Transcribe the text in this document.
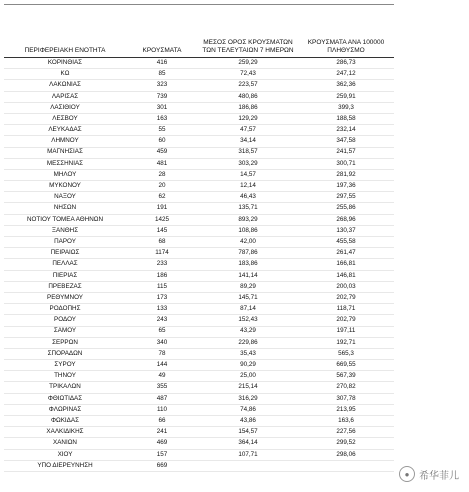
ΠΕΡΙΦΕΡΕΙΑΚΗ ΕΝΟΤΗΤΑ	ΚΡΟΥΣΜΑΤΑ	ΜΕΣΟΣ ΟΡΟΣ ΚΡΟΥΣΜΑΤΩΝ ΤΩΝ ΤΕΛΕΥΤΑΙΩΝ 7 ΗΜΕΡΩΝ	ΚΡΟΥΣΜΑΤΑ ΑΝΑ 100000 ΠΛΗΘΥΣΜΟ
ΚΟΡΙΝΘΙΑΣ	416	259,29	286,73
ΚΩ	85	72,43	247,12
ΛΑΚΩΝΙΑΣ	323	223,57	362,36
ΛΑΡΙΣΑΣ	739	480,86	259,91
ΛΑΣΙΘΙΟΥ	301	186,86	399,3
ΛΕΣΒΟΥ	163	129,29	188,58
ΛΕΥΚΑΔΑΣ	55	47,57	232,14
ΛΗΜΝΟΥ	60	34,14	347,58
ΜΑΓΝΗΣΙΑΣ	459	318,57	241,57
ΜΕΣΣΗΝΙΑΣ	481	303,29	300,71
ΜΗΛΟΥ	28	14,57	281,92
ΜΥΚΟΝΟΥ	20	12,14	197,36
ΝΑΞΟΥ	62	46,43	297,55
ΝΗΣΩΝ	191	135,71	255,86
ΝΟΤΙΟΥ ΤΟΜΕΑ ΑΘΗΝΩΝ	1425	893,29	268,96
ΞΑΝΘΗΣ	145	108,86	130,37
ΠΑΡΟΥ	68	42,00	455,58
ΠΕΙΡΑΙΩΣ	1174	787,86	261,47
ΠΕΛΛΑΣ	233	183,86	166,81
ΠΙΕΡΙΑΣ	186	141,14	146,81
ΠΡΕΒΕΖΑΣ	115	89,29	200,03
ΡΕΘΥΜΝΟΥ	173	145,71	202,79
ΡΟΔΟΠΗΣ	133	87,14	118,71
ΡΟΔΟΥ	243	152,43	202,79
ΣΑΜΟΥ	65	43,29	197,11
ΣΕΡΡΩΝ	340	229,86	192,71
ΣΠΟΡΑΔΩΝ	78	35,43	565,3
ΣΥΡΟΥ	144	90,29	669,55
ΤΗΝΟΥ	49	25,00	567,39
ΤΡΙΚΑΛΩΝ	355	215,14	270,82
ΦΘΙΩΤΙΔΑΣ	487	316,29	307,78
ΦΛΩΡΙΝΑΣ	110	74,86	213,95
ΦΩΚΙΔΑΣ	66	43,86	163,6
ΧΑΛΚΙΔΙΚΗΣ	241	154,57	227,56
ΧΑΝΙΩΝ	469	364,14	299,52
ΧΙΟΥ	157	107,71	298,06
ΥΠΟ ΔΙΕΡΕΥΝΗΣΗ	669		
● 希华菲儿
